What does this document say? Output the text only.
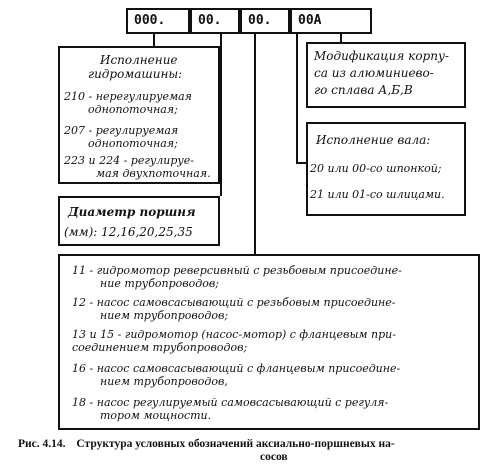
000.	00.	00.	00А
Исполнение
гидромашины:
210 - нерегулируемая
однопоточная;
207 - регулируемая
однопоточная;
223 и 224 - регулируе-
мая двухпоточная.
Диаметр поршня
(мм): 12,16,20,25,35
Модификация корпу-
са из алюминиево-
го сплава А,Б,В
Исполнение вала:
20 или 00-со шпонкой;
21 или 01-со шлицами.
11 - гидромотор реверсивный с резьбовым присоедине-
ние трубопроводов;
12 - насос самовсасывающий с резьбовым присоедине-
нием трубопроводов;
13 и 15 - гидромотор (насос-мотор) с фланцевым при-
соединением трубопроводов;
16 - насос самовсасывающий с фланцевым присоедине-
нием трубопроводов,
18 - насос регулируемый самовсасывающий с регуля-
тором мощности.
Рис. 4.14. Структура условных обозначений аксиально-поршневых на-
сосов
